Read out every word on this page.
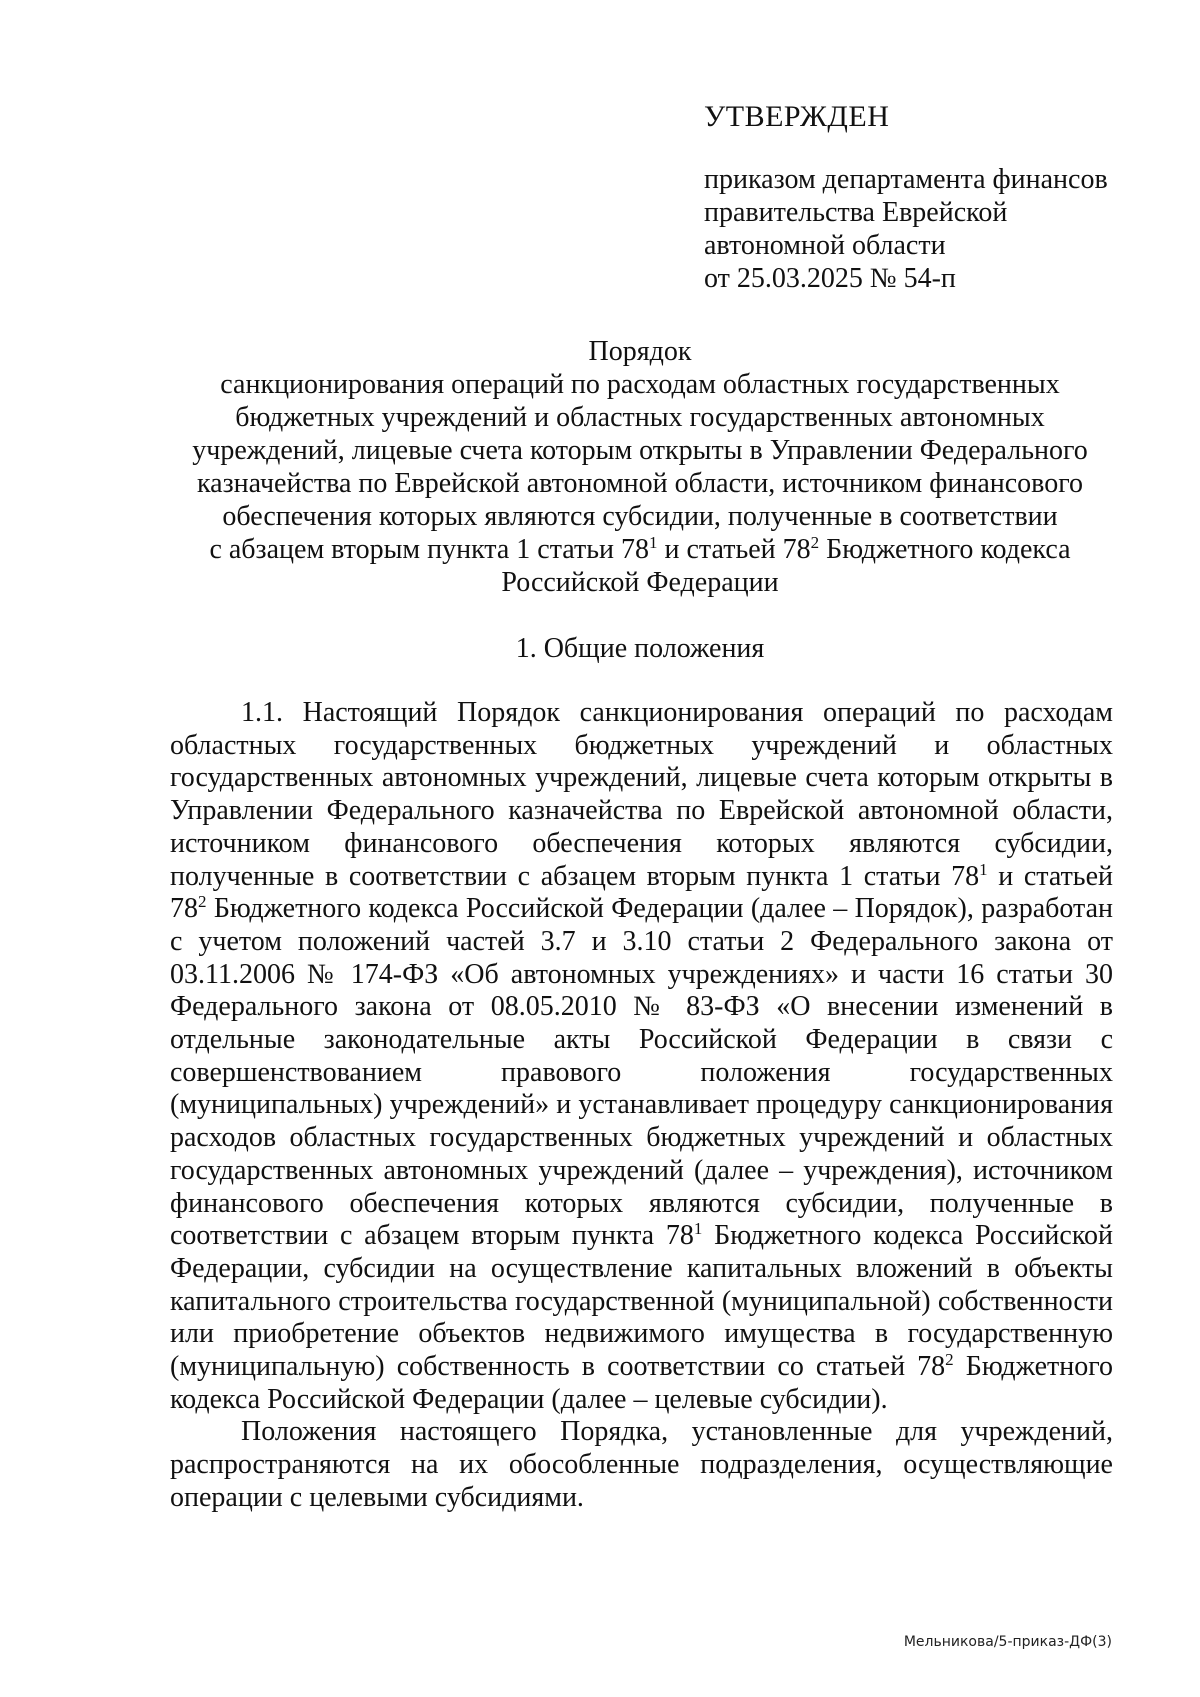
УТВЕРЖДЕН
приказом департамента финансов
правительства Еврейской
автономной области
от 25.03.2025 № 54-п
Порядок
санкционирования операций по расходам областных государственных
бюджетных учреждений и областных государственных автономных
учреждений, лицевые счета которым открыты в Управлении Федерального
казначейства по Еврейской автономной области, источником финансового
обеспечения которых являются субсидии, полученные в соответствии
с абзацем вторым пункта 1 статьи $78^1$ и статьей $78^2$ Бюджетного кодекса
Российской Федерации
1. Общие положения

1.1. Настоящий Порядок санкционирования операций по расходам областных государственных бюджетных учреждений и областных государственных автономных учреждений, лицевые счета которым открыты в Управлении Федерального казначейства по Еврейской автономной области, источником финансового обеспечения которых являются субсидии, полученные в соответствии с абзацем вторым пункта 1 статьи $78^1$ и статьей $78^2$ Бюджетного кодекса Российской Федерации (далее – Порядок), разработан с учетом положений частей 3.7 и 3.10 статьи 2 Федерального закона от 03.11.2006 № 174-ФЗ «Об автономных учреждениях» и части 16 статьи 30 Федерального закона от 08.05.2010 № 83-ФЗ «О внесении изменений в отдельные законодательные акты Российской Федерации в связи с совершенствованием правового положения государственных (муниципальных) учреждений» и устанавливает процедуру санкционирования расходов областных государственных бюджетных учреждений и областных государственных автономных учреждений (далее – учреждения), источником финансового обеспечения которых являются субсидии, полученные в соответствии с абзацем вторым пункта $78^1$ Бюджетного кодекса Российской Федерации, субсидии на осуществление капитальных вложений в объекты капитального строительства государственной (муниципальной) собственности или приобретение объектов недвижимого имущества в государственную (муниципальную) собственность в соответствии со статьей $78^2$ Бюджетного кодекса Российской Федерации (далее – целевые субсидии).

Положения настоящего Порядка, установленные для учреждений, распространяются на их обособленные подразделения, осуществляющие операции с целевыми субсидиями.

Мельникова/5-приказ-ДФ(3)
